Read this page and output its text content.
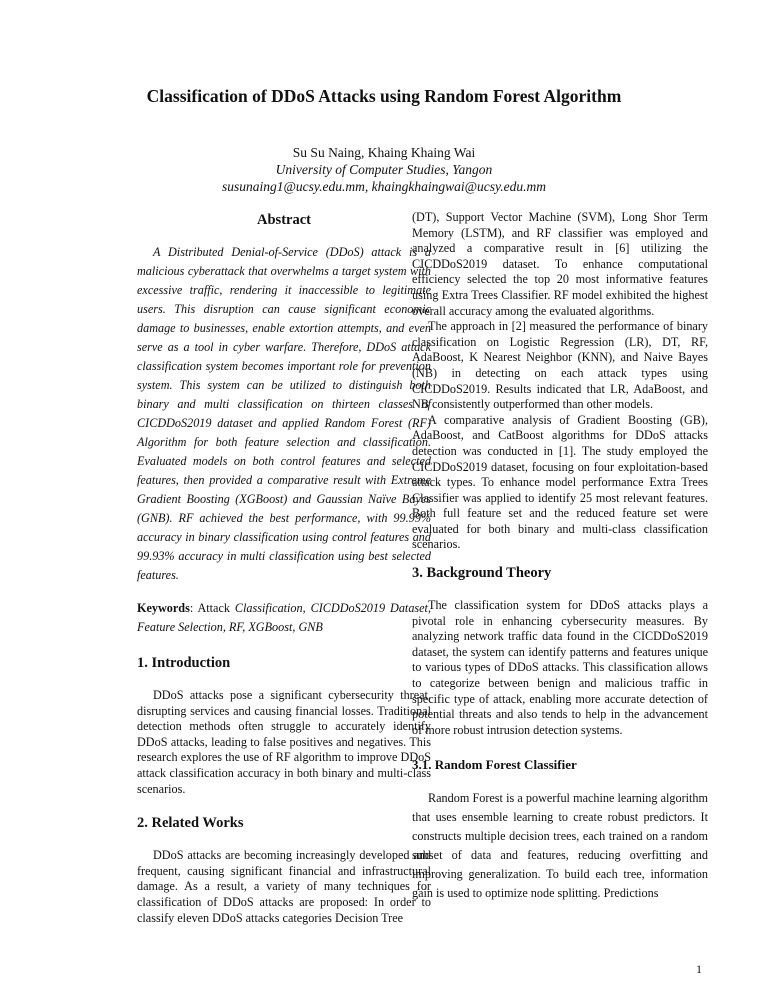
Classification of DDoS Attacks using Random Forest Algorithm
Su Su Naing, Khaing Khaing Wai
University of Computer Studies, Yangon
susunaing1@ucsy.edu.mm, khaingkhaingwai@ucsy.edu.mm
Abstract

A Distributed Denial-of-Service (DDoS) attack is a malicious cyberattack that overwhelms a target system with excessive traffic, rendering it inaccessible to legitimate users. This disruption can cause significant economic damage to businesses, enable extortion attempts, and even serve as a tool in cyber warfare. Therefore, DDoS attack classification system becomes important role for prevention system. This system can be utilized to distinguish both binary and multi classification on thirteen classes of CICDDoS2019 dataset and applied Random Forest (RF) Algorithm for both feature selection and classification. Evaluated models on both control features and selected features, then provided a comparative result with Extreme Gradient Boosting (XGBoost) and Gaussian Naïve Bayes (GNB). RF achieved the best performance, with 99.99% accuracy in binary classification using control features and 99.93% accuracy in multi classification using best selected features.

Keywords: Attack Classification, CICDDoS2019 Dataset, Feature Selection, RF, XGBoost, GNB

1. Introduction

DDoS attacks pose a significant cybersecurity threat, disrupting services and causing financial losses. Traditional detection methods often struggle to accurately identify DDoS attacks, leading to false positives and negatives. This research explores the use of RF algorithm to improve DDoS attack classification accuracy in both binary and multi-class scenarios.

2. Related Works

DDoS attacks are becoming increasingly developed and frequent, causing significant financial and infrastructural damage. As a result, a variety of many techniques for classification of DDoS attacks are proposed: In order to classify eleven DDoS attacks categories Decision Tree

(DT), Support Vector Machine (SVM), Long Shor Term Memory (LSTM), and RF classifier was employed and analyzed a comparative result in [6] utilizing the CICDDoS2019 dataset. To enhance computational efficiency selected the top 20 most informative features using Extra Trees Classifier. RF model exhibited the highest overall accuracy among the evaluated algorithms.

The approach in [2] measured the performance of binary classification on Logistic Regression (LR), DT, RF, AdaBoost, K Nearest Neighbor (KNN), and Naive Bayes (NB) in detecting on each attack types using CICDDoS2019. Results indicated that LR, AdaBoost, and NB consistently outperformed than other models.

A comparative analysis of Gradient Boosting (GB), AdaBoost, and CatBoost algorithms for DDoS attacks detection was conducted in [1]. The study employed the CICDDoS2019 dataset, focusing on four exploitation-based attack types. To enhance model performance Extra Trees Classifier was applied to identify 25 most relevant features. Both full feature set and the reduced feature set were evaluated for both binary and multi-class classification scenarios.

3. Background Theory

The classification system for DDoS attacks plays a pivotal role in enhancing cybersecurity measures. By analyzing network traffic data found in the CICDDoS2019 dataset, the system can identify patterns and features unique to various types of DDoS attacks. This classification allows to categorize between benign and malicious traffic in specific type of attack, enabling more accurate detection of potential threats and also tends to help in the advancement of more robust intrusion detection systems.

3.1. Random Forest Classifier

Random Forest is a powerful machine learning algorithm that uses ensemble learning to create robust predictors. It constructs multiple decision trees, each trained on a random subset of data and features, reducing overfitting and improving generalization. To build each tree, information gain is used to optimize node splitting. Predictions

1
